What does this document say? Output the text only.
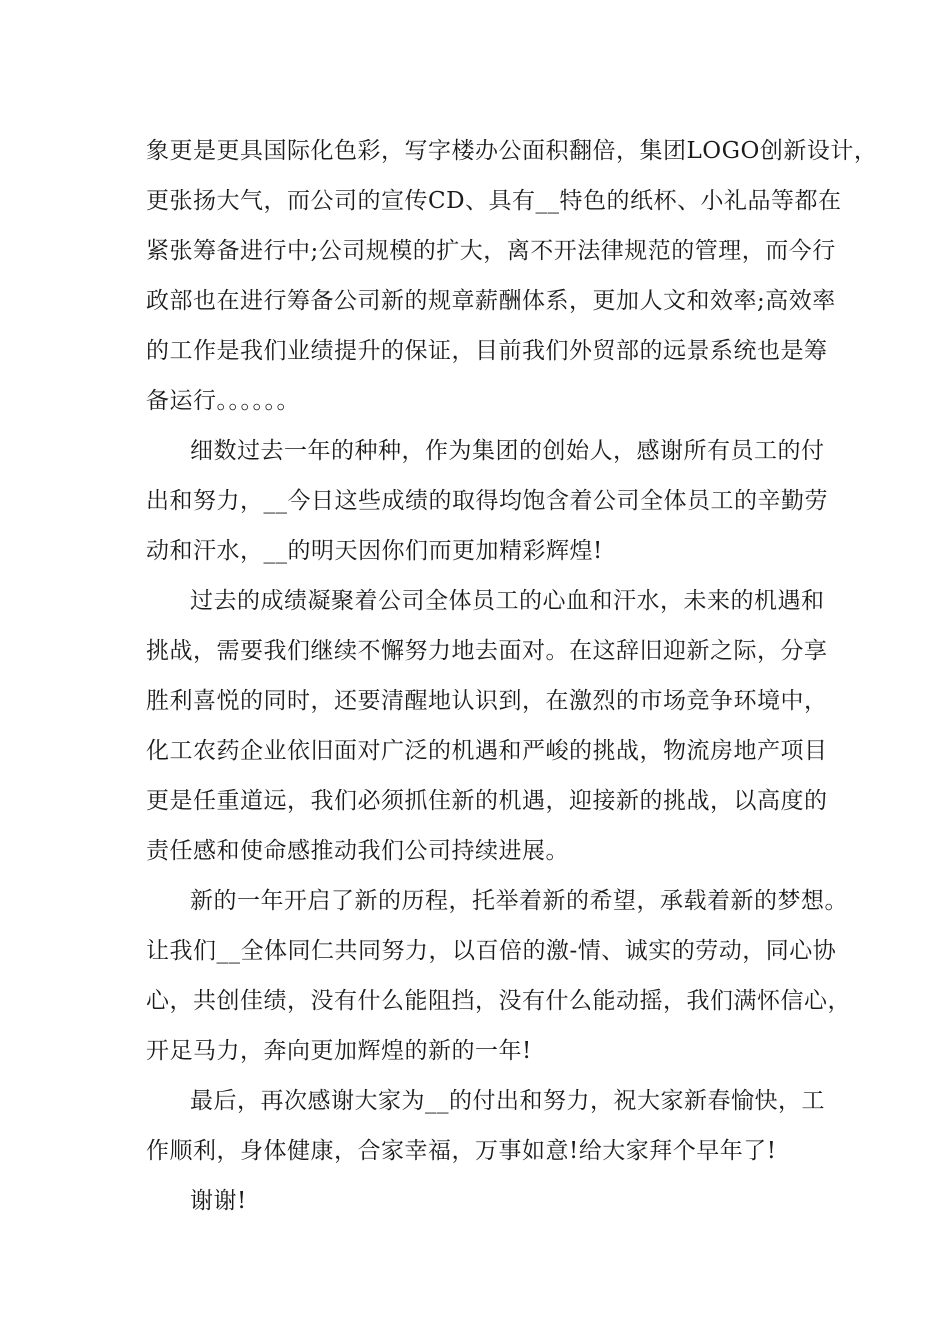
象更是更具国际化色彩，写字楼办公面积翻倍，集团LOGO创新设计，
更张扬大气，而公司的宣传CD、具有__特色的纸杯、小礼品等都在
紧张筹备进行中;公司规模的扩大，离不开法律规范的管理，而今行
政部也在进行筹备公司新的规章薪酬体系，更加人文和效率;高效率
的工作是我们业绩提升的保证，目前我们外贸部的远景系统也是筹
备运行。。。。。。
细数过去一年的种种，作为集团的创始人，感谢所有员工的付
出和努力，__今日这些成绩的取得均饱含着公司全体员工的辛勤劳
动和汗水，__的明天因你们而更加精彩辉煌!
过去的成绩凝聚着公司全体员工的心血和汗水，未来的机遇和
挑战，需要我们继续不懈努力地去面对。在这辞旧迎新之际，分享
胜利喜悦的同时，还要清醒地认识到，在激烈的市场竞争环境中，
化工农药企业依旧面对广泛的机遇和严峻的挑战，物流房地产项目
更是任重道远，我们必须抓住新的机遇，迎接新的挑战，以高度的
责任感和使命感推动我们公司持续进展。
新的一年开启了新的历程，托举着新的希望，承载着新的梦想。
让我们__全体同仁共同努力，以百倍的激-情、诚实的劳动，同心协
心，共创佳绩，没有什么能阻挡，没有什么能动摇，我们满怀信心，
开足马力，奔向更加辉煌的新的一年!
最后，再次感谢大家为__的付出和努力，祝大家新春愉快，工
作顺利，身体健康，合家幸福，万事如意!给大家拜个早年了!
谢谢!
